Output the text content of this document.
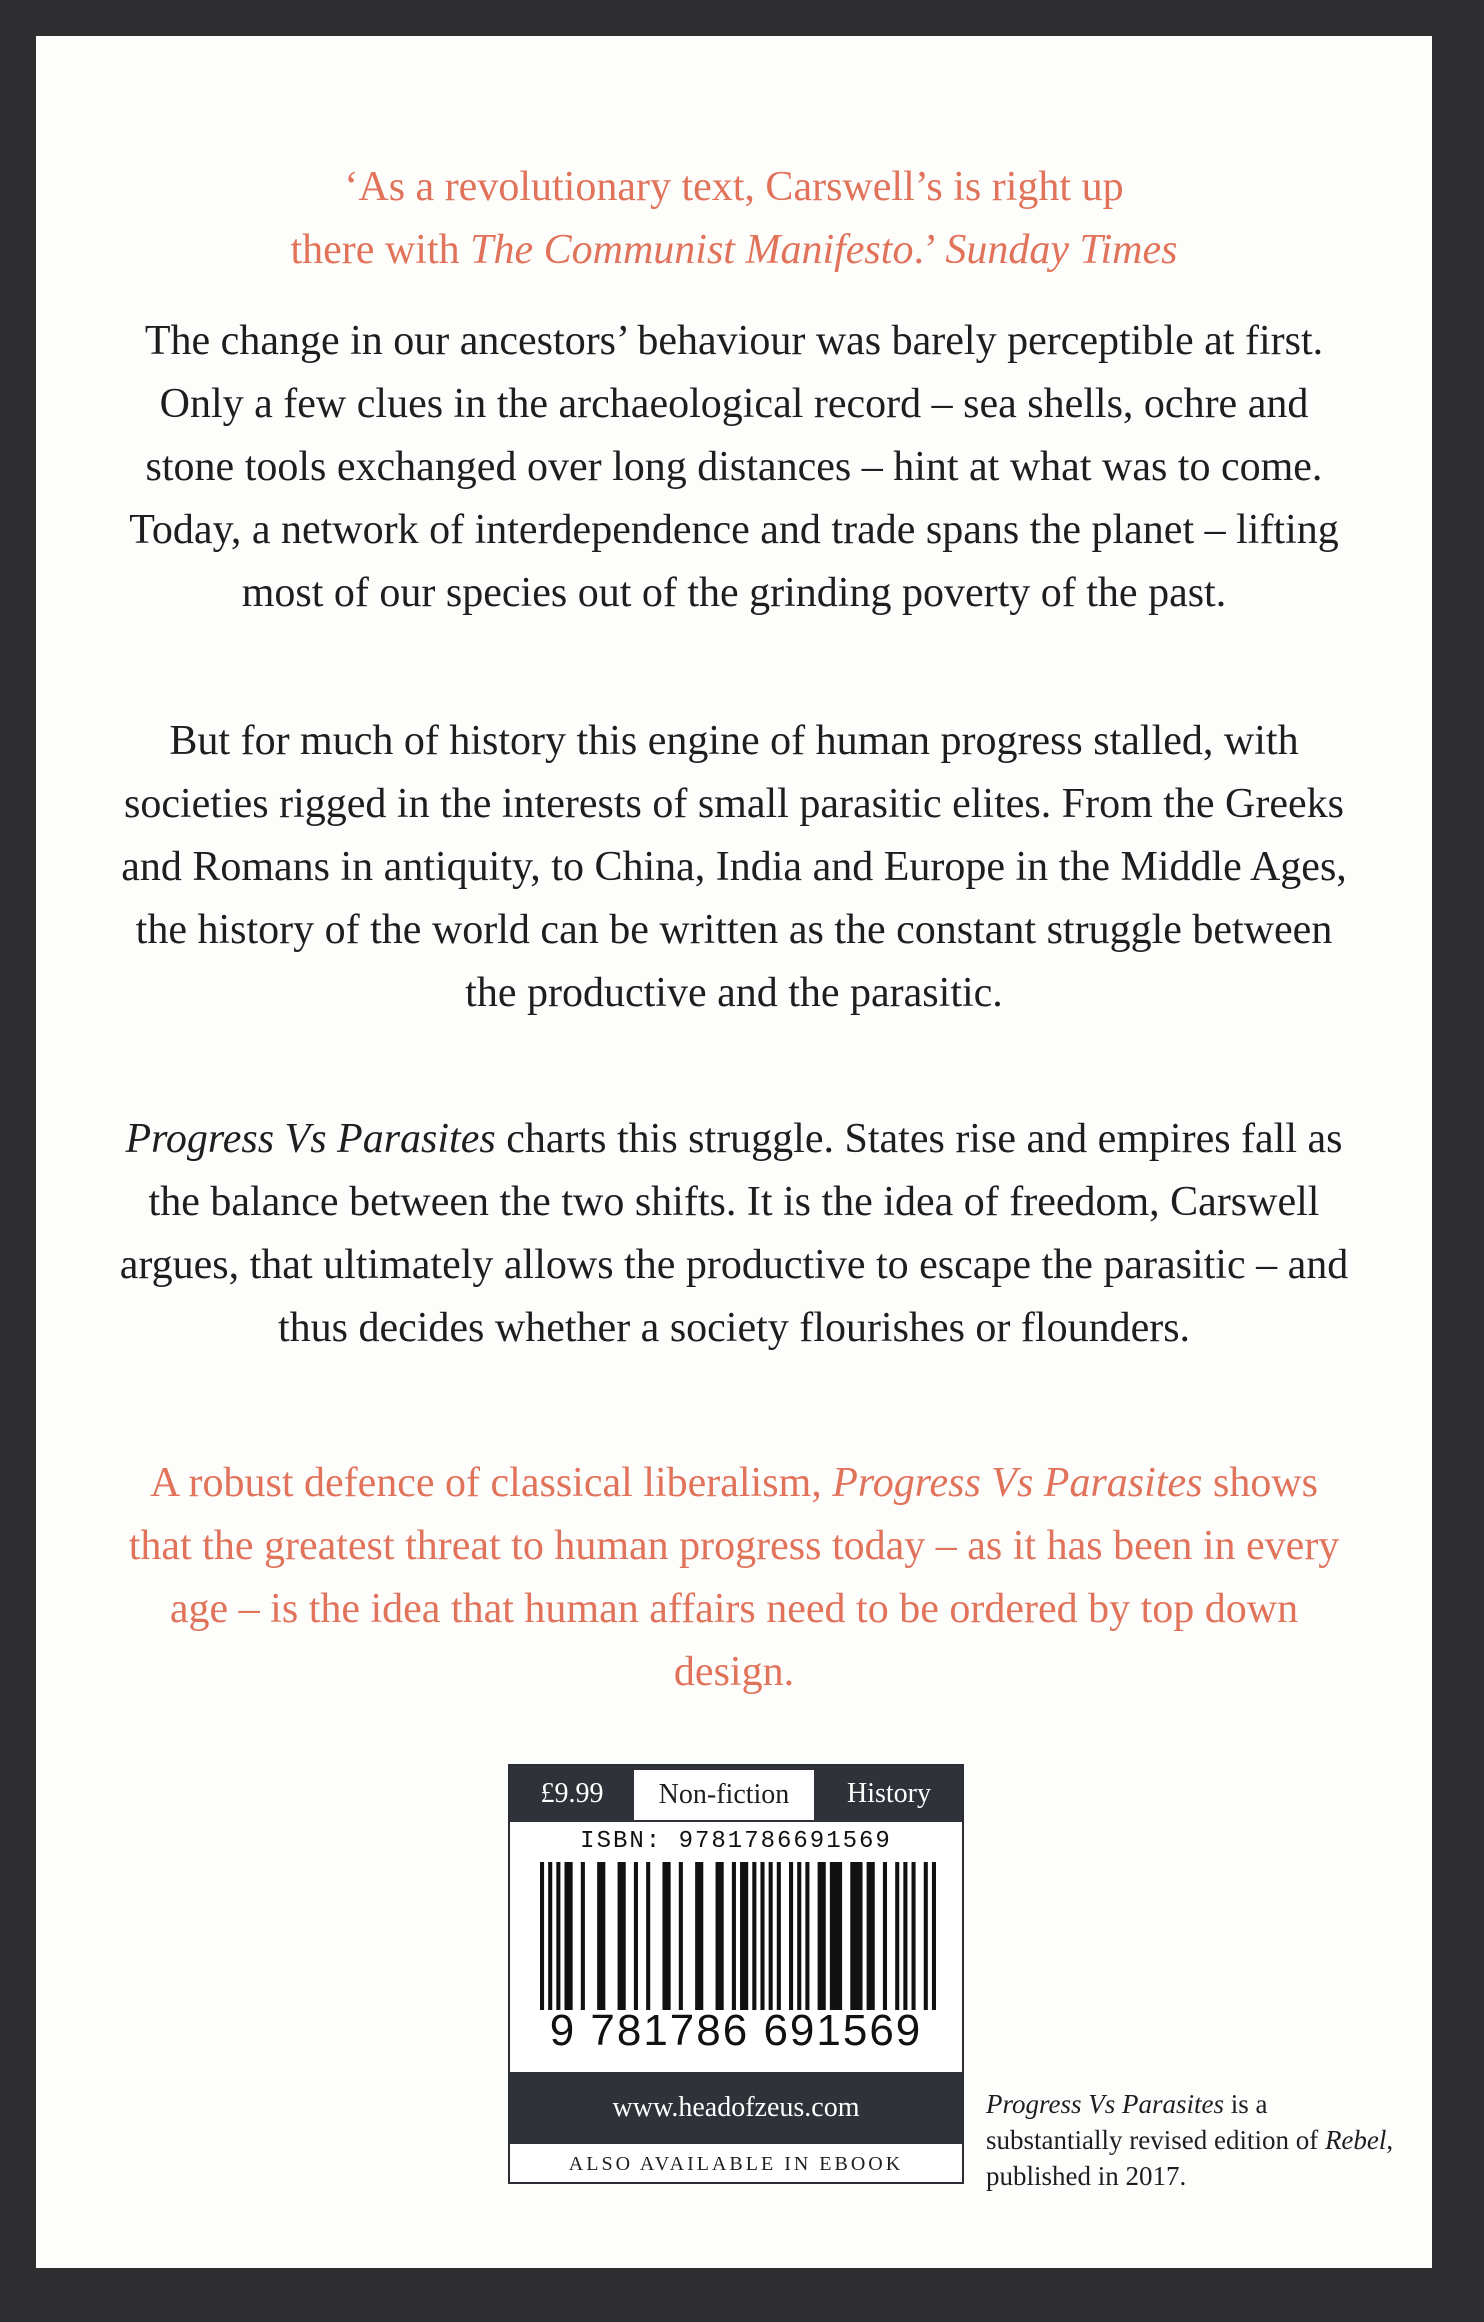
‘As a revolutionary text, Carswell’s is right up
there with The Communist Manifesto.’ Sunday Times

The change in our ancestors’ behaviour was barely perceptible at first. Only a few clues in the archaeological record – sea shells, ochre and stone tools exchanged over long distances – hint at what was to come. Today, a network of interdependence and trade spans the planet – lifting most of our species out of the grinding poverty of the past.

But for much of history this engine of human progress stalled, with societies rigged in the interests of small parasitic elites. From the Greeks and Romans in antiquity, to China, India and Europe in the Middle Ages, the history of the world can be written as the constant struggle between the productive and the parasitic.

Progress Vs Parasites charts this struggle. States rise and empires fall as the balance between the two shifts. It is the idea of freedom, Carswell argues, that ultimately allows the productive to escape the parasitic – and thus decides whether a society flourishes or flounders.

A robust defence of classical liberalism, Progress Vs Parasites shows that the greatest threat to human progress today – as it has been in every age – is the idea that human affairs need to be ordered by top down design.

£9.99	Non-fiction	History
ISBN: 9781786691569
9 781786 691569
www.headofzeus.com
ALSO AVAILABLE IN EBOOK

Progress Vs Parasites is a substantially revised edition of Rebel, published in 2017.
